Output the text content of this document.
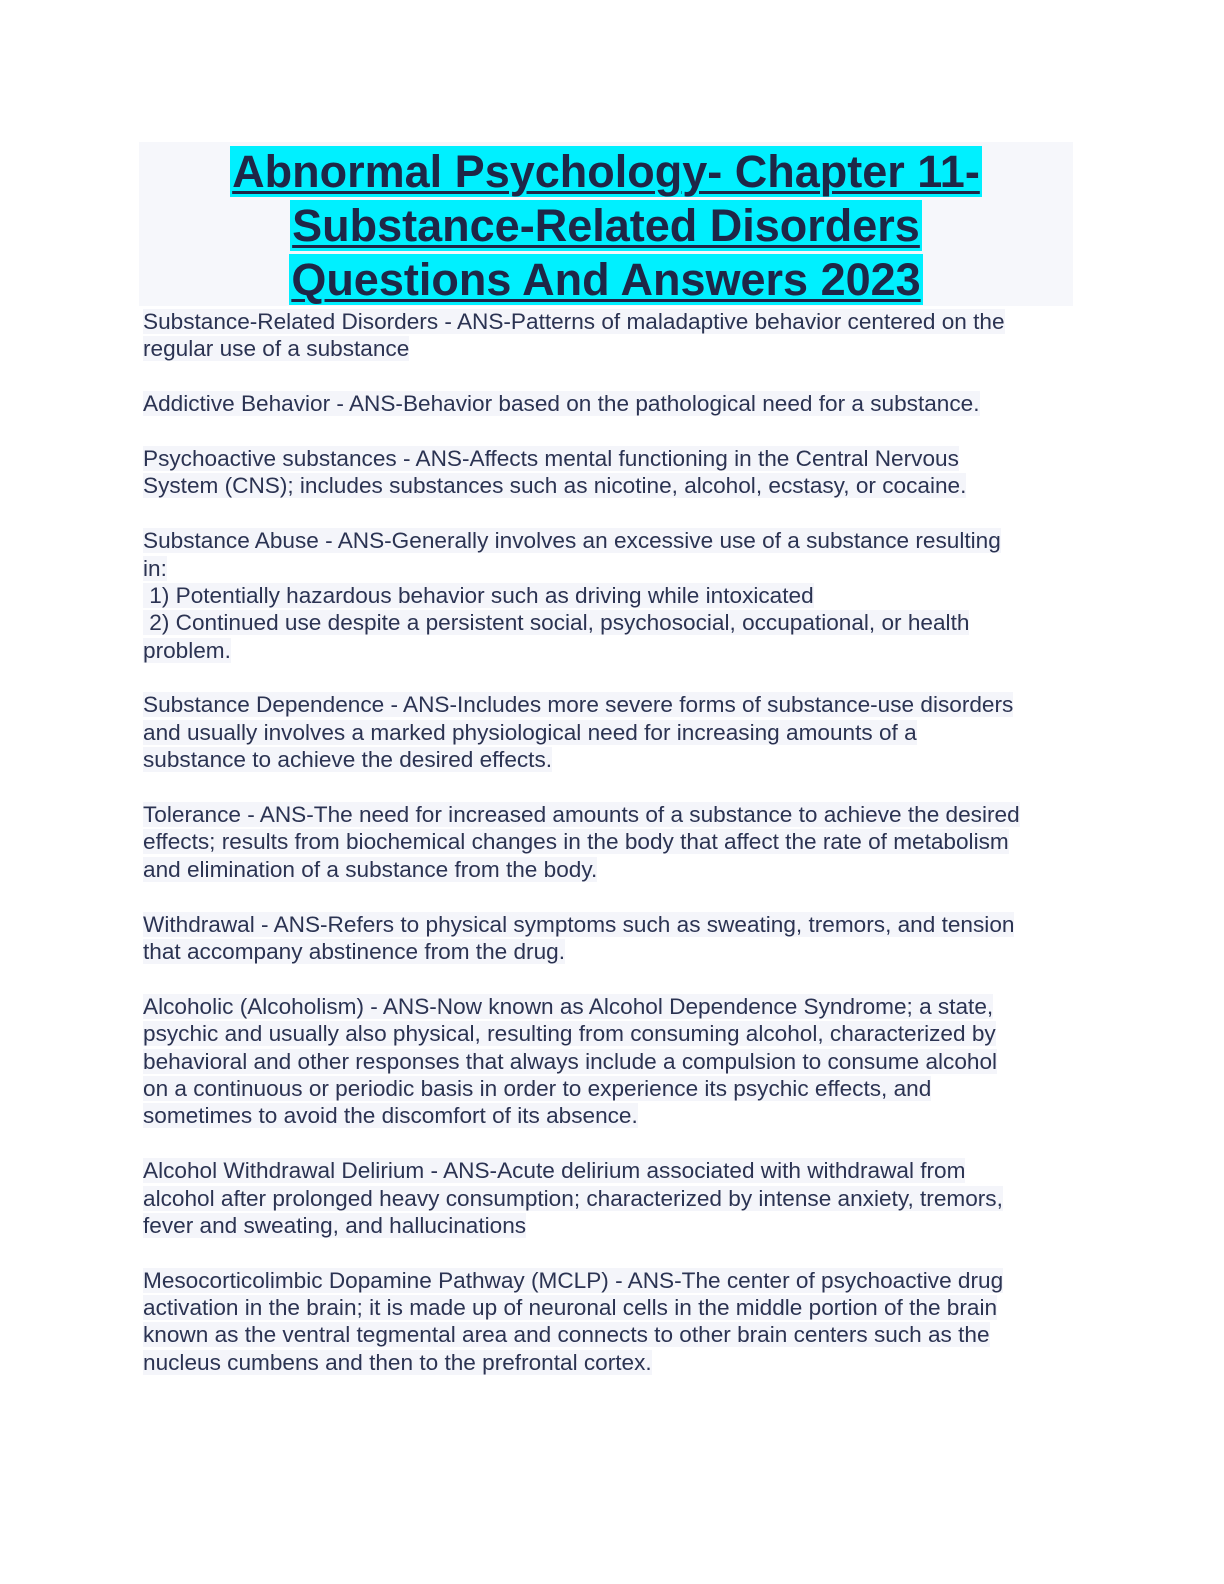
Abnormal Psychology- Chapter 11-
Substance-Related Disorders
Questions And Answers 2023
Substance-Related Disorders - ANS-Patterns of maladaptive behavior centered on the
regular use of a substance
Addictive Behavior - ANS-Behavior based on the pathological need for a substance.
Psychoactive substances - ANS-Affects mental functioning in the Central Nervous
System (CNS); includes substances such as nicotine, alcohol, ecstasy, or cocaine.
Substance Abuse - ANS-Generally involves an excessive use of a substance resulting
in:
1) Potentially hazardous behavior such as driving while intoxicated
2) Continued use despite a persistent social, psychosocial, occupational, or health
problem.
Substance Dependence - ANS-Includes more severe forms of substance-use disorders
and usually involves a marked physiological need for increasing amounts of a
substance to achieve the desired effects.
Tolerance - ANS-The need for increased amounts of a substance to achieve the desired
effects; results from biochemical changes in the body that affect the rate of metabolism
and elimination of a substance from the body.
Withdrawal - ANS-Refers to physical symptoms such as sweating, tremors, and tension
that accompany abstinence from the drug.
Alcoholic (Alcoholism) - ANS-Now known as Alcohol Dependence Syndrome; a state,
psychic and usually also physical, resulting from consuming alcohol, characterized by
behavioral and other responses that always include a compulsion to consume alcohol
on a continuous or periodic basis in order to experience its psychic effects, and
sometimes to avoid the discomfort of its absence.
Alcohol Withdrawal Delirium - ANS-Acute delirium associated with withdrawal from
alcohol after prolonged heavy consumption; characterized by intense anxiety, tremors,
fever and sweating, and hallucinations
Mesocorticolimbic Dopamine Pathway (MCLP) - ANS-The center of psychoactive drug
activation in the brain; it is made up of neuronal cells in the middle portion of the brain
known as the ventral tegmental area and connects to other brain centers such as the
nucleus cumbens and then to the prefrontal cortex.
